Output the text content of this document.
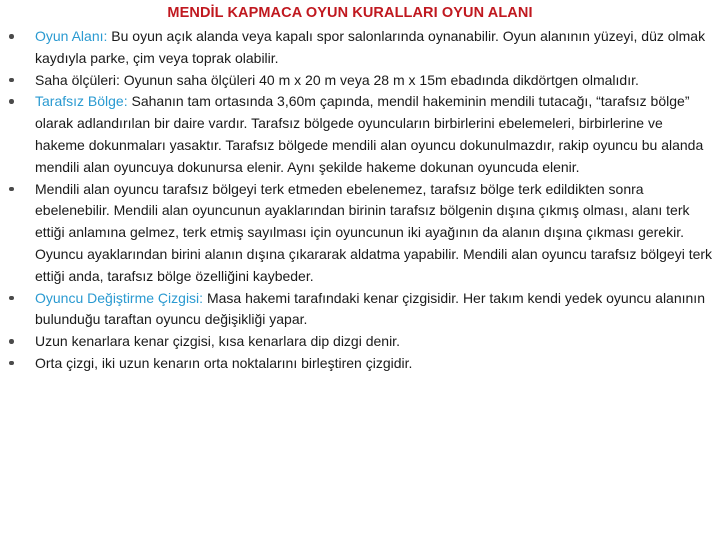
MENDİL KAPMACA OYUN KURALLARI OYUN ALANI
Oyun Alanı: Bu oyun açık alanda veya kapalı spor salonlarında oynanabilir. Oyun alanının yüzeyi, düz olmak kaydıyla parke, çim veya toprak olabilir.
Saha ölçüleri: Oyunun saha ölçüleri 40 m x 20 m veya 28 m x 15m ebadında dikdörtgen olmalıdır.
Tarafsız Bölge: Sahanın tam ortasında 3,60m çapında, mendil hakeminin mendili tutacağı, “tarafsız bölge” olarak adlandırılan bir daire vardır. Tarafsız bölgede oyuncuların birbirlerini ebelemeleri, birbirlerine ve hakeme dokunmaları yasaktır. Tarafsız bölgede mendili alan oyuncu dokunulmazdır, rakip oyuncu bu alanda mendili alan oyuncuya dokunursa elenir. Aynı şekilde hakeme dokunan oyuncuda elenir.
Mendili alan oyuncu tarafsız bölgeyi terk etmeden ebelenemez, tarafsız bölge terk edildikten sonra ebelenebilir. Mendili alan oyuncunun ayaklarından birinin tarafsız bölgenin dışına çıkmış olması, alanı terk ettiği anlamına gelmez, terk etmiş sayılması için oyuncunun iki ayağının da alanın dışına çıkması gerekir. Oyuncu ayaklarından birini alanın dışına çıkararak aldatma yapabilir. Mendili alan oyuncu tarafsız bölgeyi terk ettiği anda, tarafsız bölge özelliğini kaybeder.
Oyuncu Değiştirme Çizgisi: Masa hakemi tarafındaki kenar çizgisidir. Her takım kendi yedek oyuncu alanının bulunduğu taraftan oyuncu değişikliği yapar.
Uzun kenarlara kenar çizgisi, kısa kenarlara dip dizgi denir.
Orta çizgi, iki uzun kenarın orta noktalarını birleştiren çizgidir.
